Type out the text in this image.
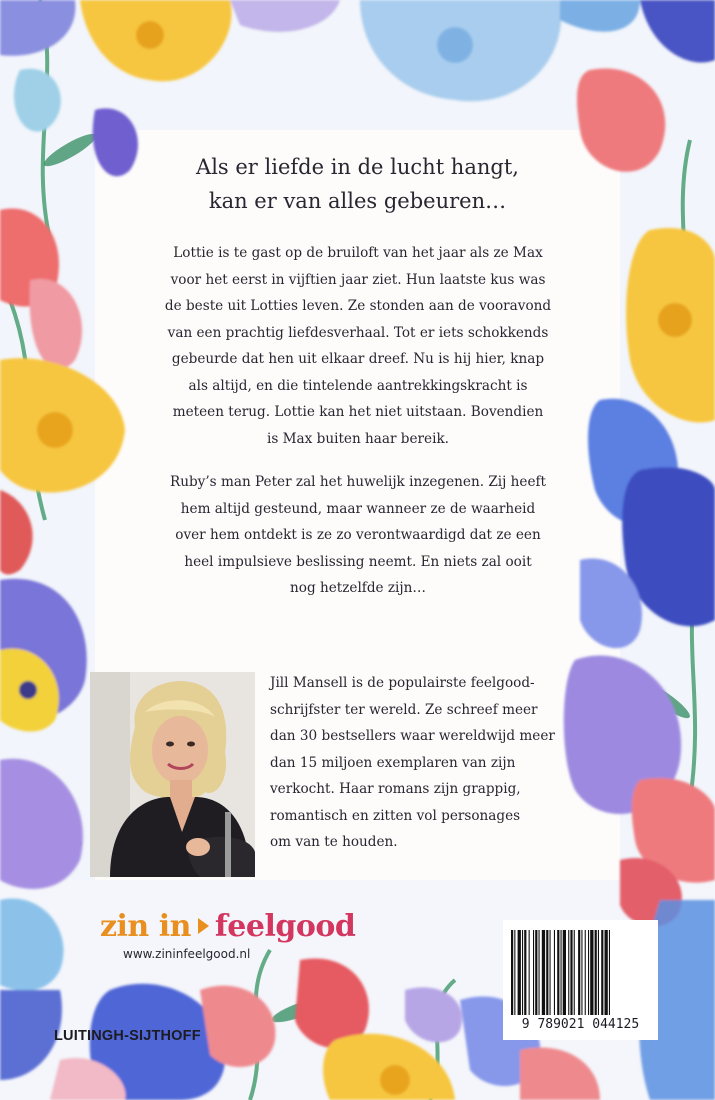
Als er liefde in de lucht hangt,
kan er van alles gebeuren…
Lottie is te gast op de bruiloft van het jaar als ze Max
voor het eerst in vijftien jaar ziet. Hun laatste kus was
de beste uit Lotties leven. Ze stonden aan de vooravond
van een prachtig liefdesverhaal. Tot er iets schokkends
gebeurde dat hen uit elkaar dreef. Nu is hij hier, knap
als altijd, en die tintelende aantrekkingskracht is
meteen terug. Lottie kan het niet uitstaan. Bovendien
is Max buiten haar bereik.
Ruby’s man Peter zal het huwelijk inzegenen. Zij heeft
hem altijd gesteund, maar wanneer ze de waarheid
over hem ontdekt is ze zo verontwaardigd dat ze een
heel impulsieve beslissing neemt. En niets zal ooit
nog hetzelfde zijn…
Jill Mansell is de populairste feelgood-
schrijfster ter wereld. Ze schreef meer
dan 30 bestsellers waar wereldwijd meer
dan 15 miljoen exemplaren van zijn
verkocht. Haar romans zijn grappig,
romantisch en zitten vol personages
om van te houden.
zin in feelgood
www.zininfeelgood.nl
LUITINGH-SIJTHOFF
9 789021 044125
